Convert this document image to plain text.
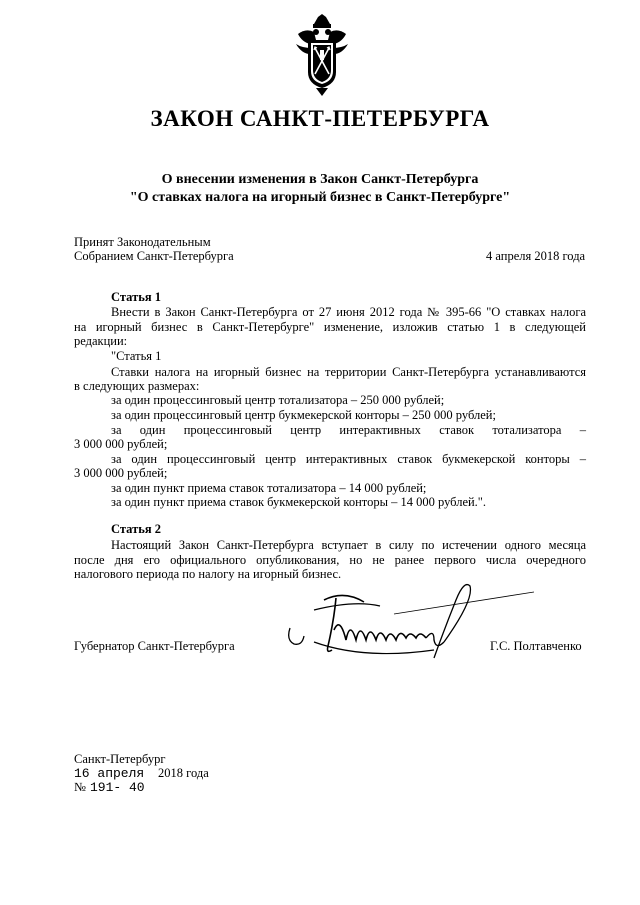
ЗАКОН САНКТ-ПЕТЕРБУРГА
О внесении изменения в Закон Санкт-Петербурга
"О ставках налога на игорный бизнес в Санкт-Петербурге"
Принят Законодательным
Собранием Санкт-Петербурга	4 апреля 2018 года
Статья 1
Внести в Закон Санкт-Петербурга от 27 июня 2012 года № 395-66 "О ставках налога
на игорный бизнес в Санкт-Петербурге" изменение, изложив статью 1 в следующей
редакции:
"Статья 1
Ставки налога на игорный бизнес на территории Санкт-Петербурга устанавливаются
в следующих размерах:
за один процессинговый центр тотализатора – 250 000 рублей;
за один процессинговый центр букмекерской конторы – 250 000 рублей;
за один процессинговый центр интерактивных ставок тотализатора –
3 000 000 рублей;
за один процессинговый центр интерактивных ставок букмекерской конторы –
3 000 000 рублей;
за один пункт приема ставок тотализатора – 14 000 рублей;
за один пункт приема ставок букмекерской конторы – 14 000 рублей.".
Статья 2
Настоящий Закон Санкт-Петербурга вступает в силу по истечении одного месяца
после дня его официального опубликования, но не ранее первого числа очередного
налогового периода по налогу на игорный бизнес.
Губернатор Санкт-Петербурга	Г.С. Полтавченко
Санкт-Петербург
16 апреля 2018 года
№ 191- 40
